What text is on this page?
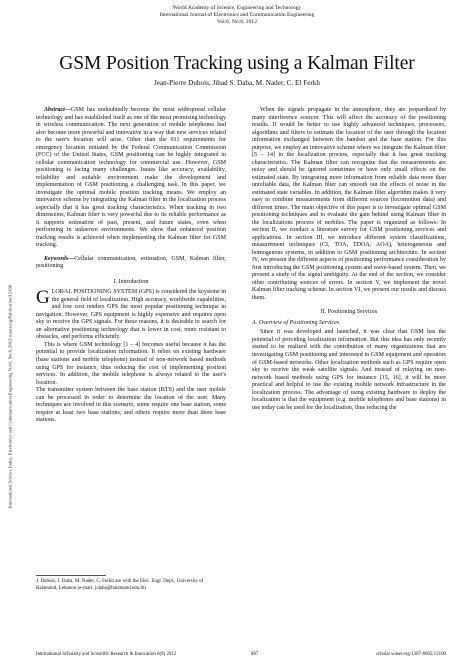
World Academy of Science, Engineering and Technology
International Journal of Electronics and Communication Engineering
Vol:6, No:8, 2012
GSM Position Tracking using a Kalman Filter
Jean-Pierre Dubois, Jihad S. Daba, M. Nader, C. El Ferkh
International Science Index, Electronics and Communication Engineering Vol:6, No:8, 2012 waset.org/Publication/12100

Abstract—GSM has undoubtedly become the most widespread cellular technology and has established itself as one of the most promising technology in wireless communication. The next generation of mobile telephones had also become more powerful and innovative in a way that new services related to the user's location will arise. Other than the 911 requirements for emergency location initiated by the Federal Communication Commission (FCC) of the United States, GSM positioning can be highly integrated in cellular communication technology for commercial use. However, GSM positioning is facing many challenges. Issues like accuracy, availability, reliability and suitable environment make the development and implementation of GSM positioning a challenging task. In this paper, we investigate the optimal mobile position tracking means. We employ an innovative scheme by integrating the Kalman filter in the localization process especially that it has great tracking characteristics. When tracking in two dimensions, Kalman filter is very powerful due to its reliable performance as it supports estimation of past, present, and future states, even when performing in unknown environments. We show that enhanced position tracking results is achieved when implementing the Kalman filter for GSM tracking.

Keywords—Cellular communication, estimation, GSM, Kalman filter, positioning

I. Introduction

GLOBAL POSITIONING SYSTEM (GPS) is considered the keystone in the general field of localization. High accuracy, worldwide capabilities, and low cost renders GPS the most popular positioning technique in navigation. However, GPS equipment is highly expensive and requires open sky to receive the GPS signals. For these reasons, it is desirable to search for an alternative positioning technology that is lower in cost, more resistant to obstacles, and performs efficiently.

This is where GSM technology [1 – 4] becomes useful because it has the potential to provide localization information. It relies on existing hardware (base stations and mobile telephone) instead of non-network based methods using GPS for instance, thus reducing the cost of implementing position services. In addition, the mobile telephone is always related to the user's location.

The transmitter system between the base station (BTS) and the user mobile can be processed in order to determine the location of the user. Many techniques are involved in this scenario, some require one base station, some require at least two base stations, and others require more than three base stations.

J. Dubois, J. Daba, M. Nader, C. Ferkh are with the Elec. Engr. Dept., University of Balamand, Lebanon (e-mail: j.daba@balamand.edu.lb)

When the signals propagate in the atmosphere, they are jeopardized by many interference sources. This will affect the accuracy of the positioning results. It would be better to use highly advanced techniques, processors, algorithms and filters to estimate the location of the user through the location information exchanged between the handset and the base station. For this purpose, we employ an innovative scheme where we integrate the Kalman filter [5 – 14] in the localization process, especially that it has great tracking characteristics. The Kalman filter can recognize that the measurements are noisy and should be ignored sometimes or have only small effects on the estimated state. By integrating more information from reliable data more than unreliable data, the Kalman filter can smooth out the effects of noise in the estimated state variables. In addition, the Kalman filter algorithm makes it very easy to combine measurements from different sources (locomotion data) and different times. The main objective of this paper is to investigate optimal GSM positioning techniques and to evaluate the gain behind using Kalman filter in the localizations process of mobiles. The paper is organized as follows: In section II, we conduct a literature survey for GSM positioning services and applications. In section III, we introduce different system classifications, measurement techniques (CI, TOA, TDOA, AOA), heterogeneous and homogenous systems, in addition to GSM positioning architecture. In section IV, we present the different aspects of positioning performance consideration by first introducing the GSM positioning system and wave-based system. Then, we present a study of the signal ambiguity. At the end of the section, we consider other contributing sources of errors. In section V, we implement the novel Kalman filter tracking scheme. In section VI, we present our results and discuss them.

II. Positioning Services

A. Overview of Positioning Services

Since it was developed and launched, it was clear that GSM has the potential of providing localization information. But this idea has only recently started to be realized with the contribution of many organizations that are investigating GSM positioning and interested in GSM equipment and operators of GSM-based networks. Other localization methods such as GPS require open sky to receive the weak satellite signals. And instead of relaying on non-network based methods using GPS for instance [15, 16], it will be more practical and helpful to use the existing mobile network infrastructure in the localization process. The advantage of using existing hardware to deploy the localization is that the equipment (e.g. mobile telephones and base stations) in use today can be used for the localization, thus reducing the

International Scholarly and Scientific Research & Innovation 6(8) 2012	867	scholar.waset.org/1307-6892/12100
